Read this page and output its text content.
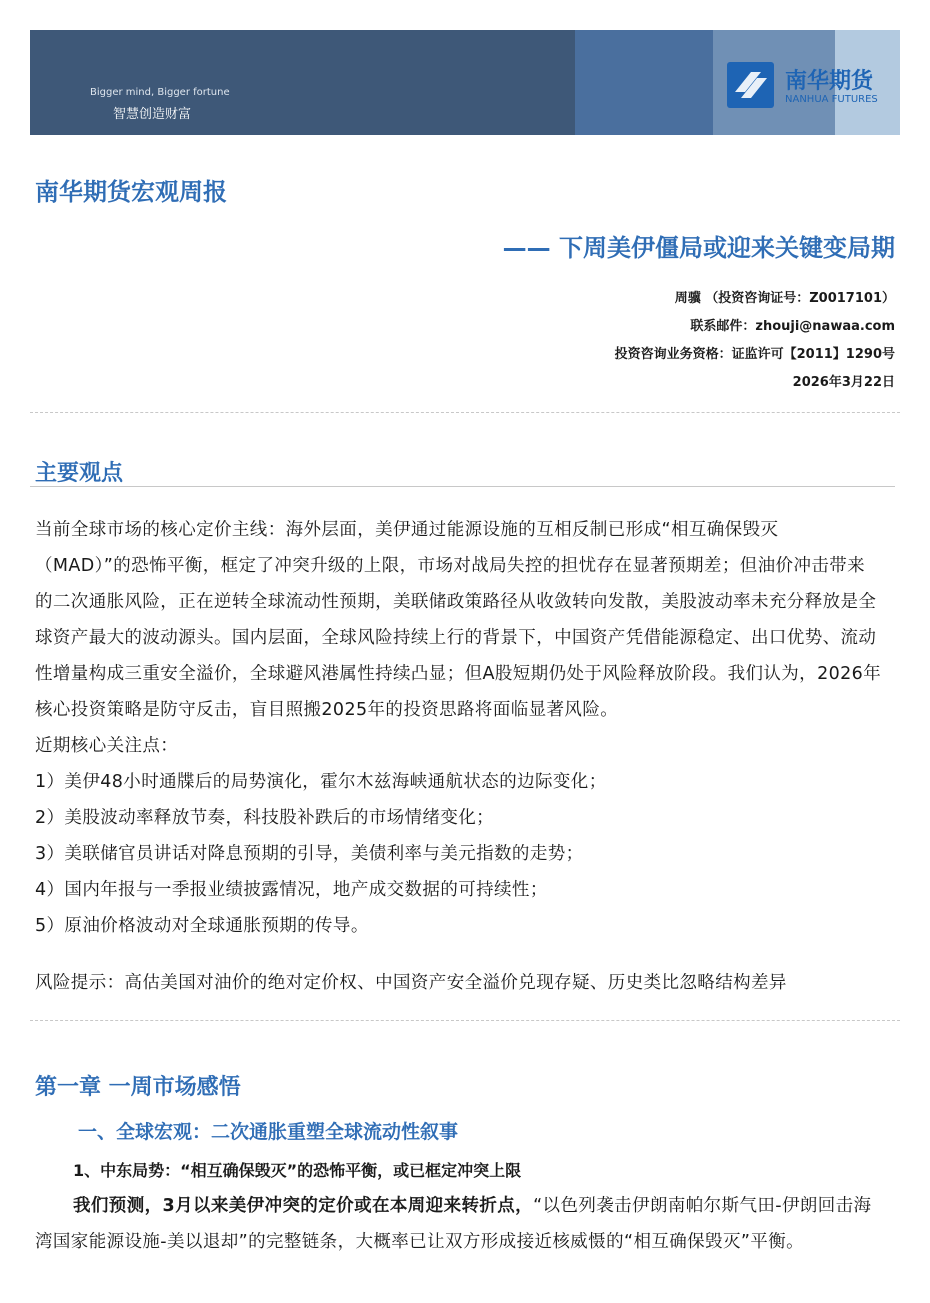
Bigger mind, Bigger fortune
智慧创造财富
南华期货
NANHUA FUTURES
南华期货宏观周报
—— 下周美伊僵局或迎来关键变局期
周骥 （投资咨询证号：Z0017101）
联系邮件：zhouji@nawaa.com
投资咨询业务资格：证监许可【2011】1290号
2026年3月22日
主要观点
当前全球市场的核心定价主线：海外层面，美伊通过能源设施的互相反制已形成“相互确保毁灭
（MAD）”的恐怖平衡，框定了冲突升级的上限，市场对战局失控的担忧存在显著预期差；但油价冲击带来
的二次通胀风险，正在逆转全球流动性预期，美联储政策路径从收敛转向发散，美股波动率未充分释放是全
球资产最大的波动源头。国内层面，全球风险持续上行的背景下，中国资产凭借能源稳定、出口优势、流动
性增量构成三重安全溢价，全球避风港属性持续凸显；但A股短期仍处于风险释放阶段。我们认为，2026年
核心投资策略是防守反击，盲目照搬2025年的投资思路将面临显著风险。
近期核心关注点：
1）美伊48小时通牒后的局势演化，霍尔木兹海峡通航状态的边际变化；
2）美股波动率释放节奏，科技股补跌后的市场情绪变化；
3）美联储官员讲话对降息预期的引导，美债利率与美元指数的走势；
4）国内年报与一季报业绩披露情况，地产成交数据的可持续性；
5）原油价格波动对全球通胀预期的传导。
风险提示：高估美国对油价的绝对定价权、中国资产安全溢价兑现存疑、历史类比忽略结构差异
第一章 一周市场感悟
一、全球宏观：二次通胀重塑全球流动性叙事
1、中东局势：“相互确保毁灭”的恐怖平衡，或已框定冲突上限
我们预测，3月以来美伊冲突的定价或在本周迎来转折点，“以色列袭击伊朗南帕尔斯气田-伊朗回击海
湾国家能源设施-美以退却”的完整链条，大概率已让双方形成接近核威慑的“相互确保毁灭”平衡。
